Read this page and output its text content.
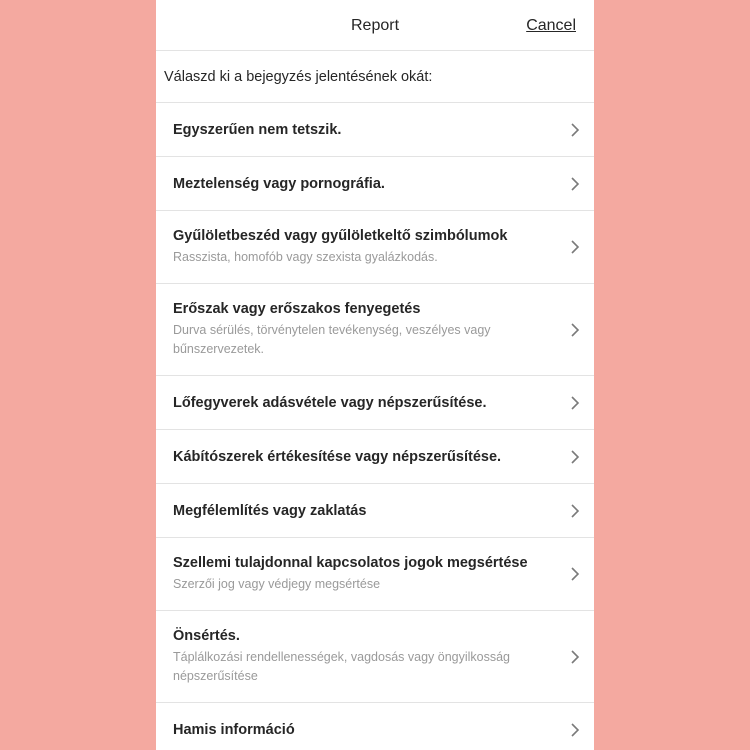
Report	Cancel
Válaszd ki a bejegyzés jelentésének okát:
Egyszerűen nem tetszik.
Meztelenség vagy pornográfia.
Gyűlöletbeszéd vagy gyűlöletkeltő szimbólumok
Rasszista, homofób vagy szexista gyalázkodás.
Erőszak vagy erőszakos fenyegetés
Durva sérülés, törvénytelen tevékenység, veszélyes vagy bűnszervezetek.
Lőfegyverek adásvétele vagy népszerűsítése.
Kábítószerek értékesítése vagy népszerűsítése.
Megfélemlítés vagy zaklatás
Szellemi tulajdonnal kapcsolatos jogok megsértése
Szerzői jog vagy védjegy megsértése
Önsértés.
Táplálkozási rendellenességek, vagdosás vagy öngyilkosság népszerűsítése
Hamis információ
